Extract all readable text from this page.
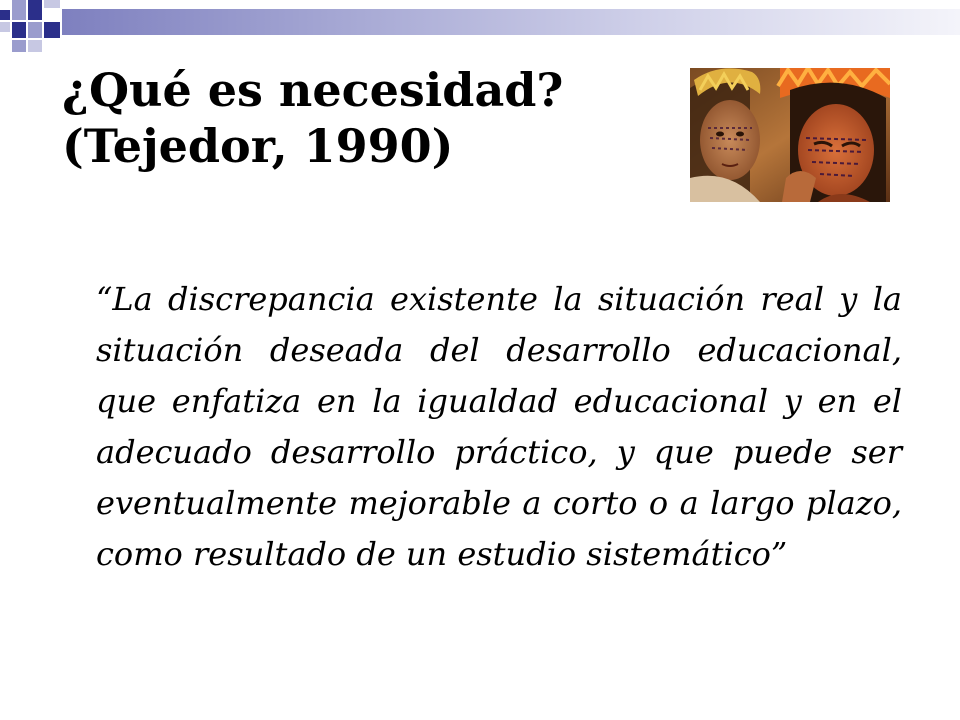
¿Qué es necesidad?
(Tejedor, 1990)

“La discrepancia existente la situación real y la situación deseada del desarrollo educacional, que enfatiza en la igualdad educacional y en el adecuado desarrollo práctico, y que puede ser eventualmente mejorable a corto o a largo plazo, como resultado de un estudio sistemático”
